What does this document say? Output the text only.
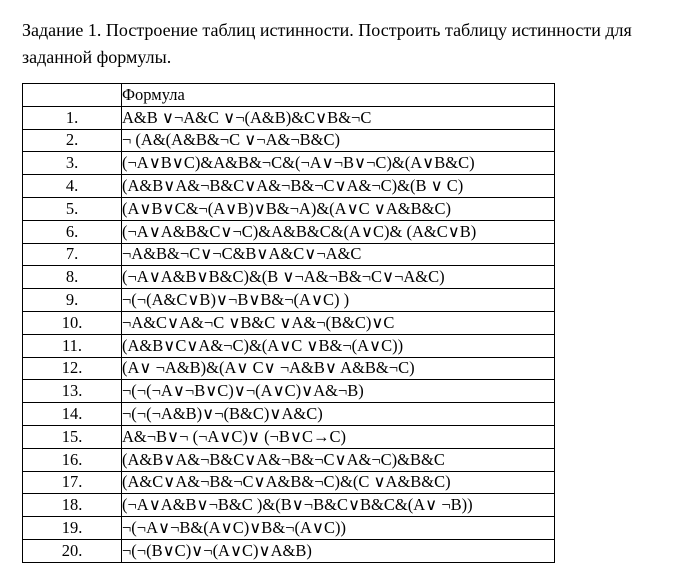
Задание 1. Построение таблиц истинности. Построить таблицу истинности для
заданной формулы.
	Формула
1.	A&B ∨¬A&C ∨¬(A&B)&C∨B&¬C
2.	¬ (A&(A&B&¬C ∨¬A&¬B&C)
3.	(¬A∨B∨C)&A&B&¬C&(¬A∨¬B∨¬C)&(A∨B&C)
4.	(A&B∨A&¬B&C∨A&¬B&¬C∨A&¬C)&(B ∨ C)
5.	(A∨B∨C&¬(A∨B)∨B&¬A)&(A∨C ∨A&B&C)
6.	(¬A∨A&B&C∨¬C)&A&B&C&(A∨C)& (A&C∨B)
7.	¬A&B&¬C∨¬C&B∨A&C∨¬A&C
8.	(¬A∨A&B∨B&C)&(B ∨¬A&¬B&¬C∨¬A&C)
9.	¬(¬(A&C∨B)∨¬B∨B&¬(A∨C) )
10.	¬A&C∨A&¬C ∨B&C ∨A&¬(B&C)∨C
11.	(A&B∨C∨A&¬C)&(A∨C ∨B&¬(A∨C))
12.	(A∨ ¬A&B)&(A∨ C∨ ¬A&B∨ A&B&¬C)
13.	¬(¬(¬A∨¬B∨C)∨¬(A∨C)∨A&¬B)
14.	¬(¬(¬A&B)∨¬(B&C)∨A&C)
15.	A&¬B∨¬ (¬A∨C)∨ (¬B∨C→C)
16.	(A&B∨A&¬B&C∨A&¬B&¬C∨A&¬C)&B&C
17.	(A&C∨A&¬B&¬C∨A&B&¬C)&(C ∨A&B&C)
18.	(¬A∨A&B∨¬B&C )&(B∨¬B&C∨B&C&(A∨ ¬B))
19.	¬(¬A∨¬B&(A∨C)∨B&¬(A∨C))
20.	¬(¬(B∨C)∨¬(A∨C)∨A&B)
